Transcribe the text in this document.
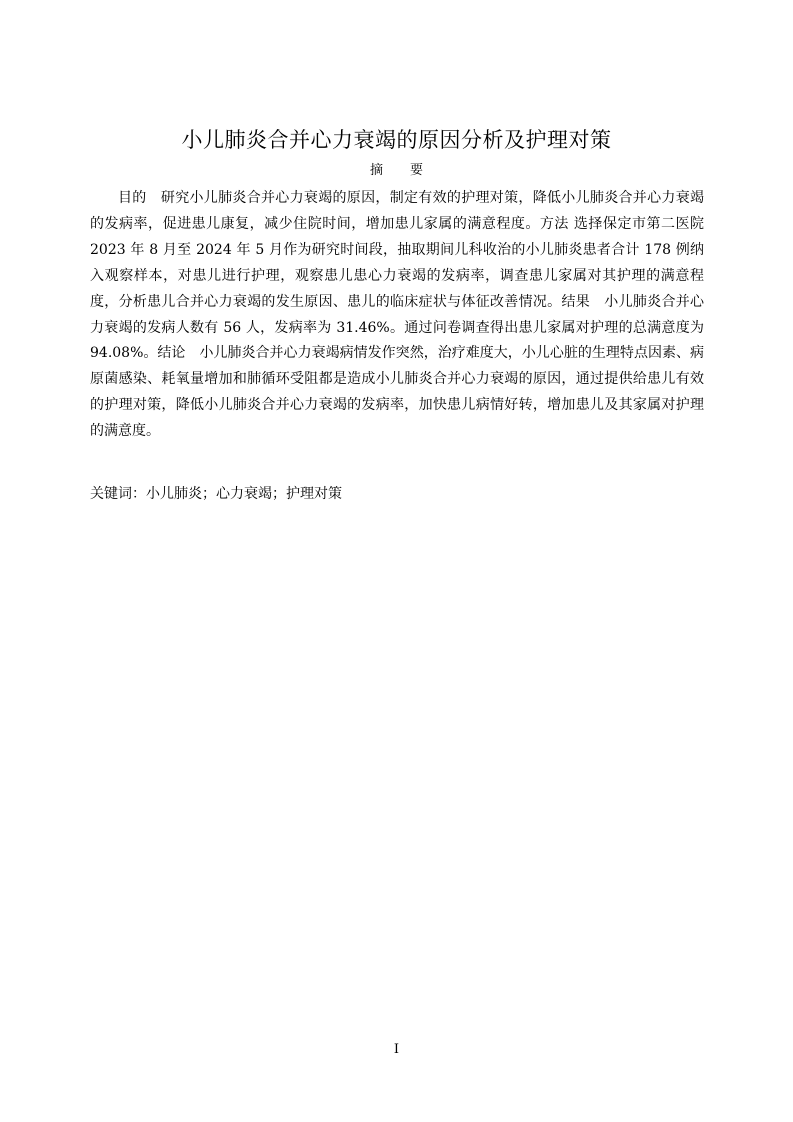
小儿肺炎合并心力衰竭的原因分析及护理对策
摘 要

目的 研究小儿肺炎合并心力衰竭的原因，制定有效的护理对策，降低小儿肺炎合并心力衰竭的发病率，促进患儿康复，减少住院时间，增加患儿家属的满意程度。方法 选择保定市第二医院 2023 年 8 月至 2024 年 5 月作为研究时间段，抽取期间儿科收治的小儿肺炎患者合计 178 例纳入观察样本，对患儿进行护理，观察患儿患心力衰竭的发病率，调查患儿家属对其护理的满意程度，分析患儿合并心力衰竭的发生原因、患儿的临床症状与体征改善情况。结果 小儿肺炎合并心力衰竭的发病人数有 56 人，发病率为 31.46%。通过问卷调查得出患儿家属对护理的总满意度为 94.08%。结论 小儿肺炎合并心力衰竭病情发作突然，治疗难度大，小儿心脏的生理特点因素、病原菌感染、耗氧量增加和肺循环受阻都是造成小儿肺炎合并心力衰竭的原因，通过提供给患儿有效的护理对策，降低小儿肺炎合并心力衰竭的发病率，加快患儿病情好转，增加患儿及其家属对护理的满意度。

关键词：小儿肺炎；心力衰竭；护理对策
I
